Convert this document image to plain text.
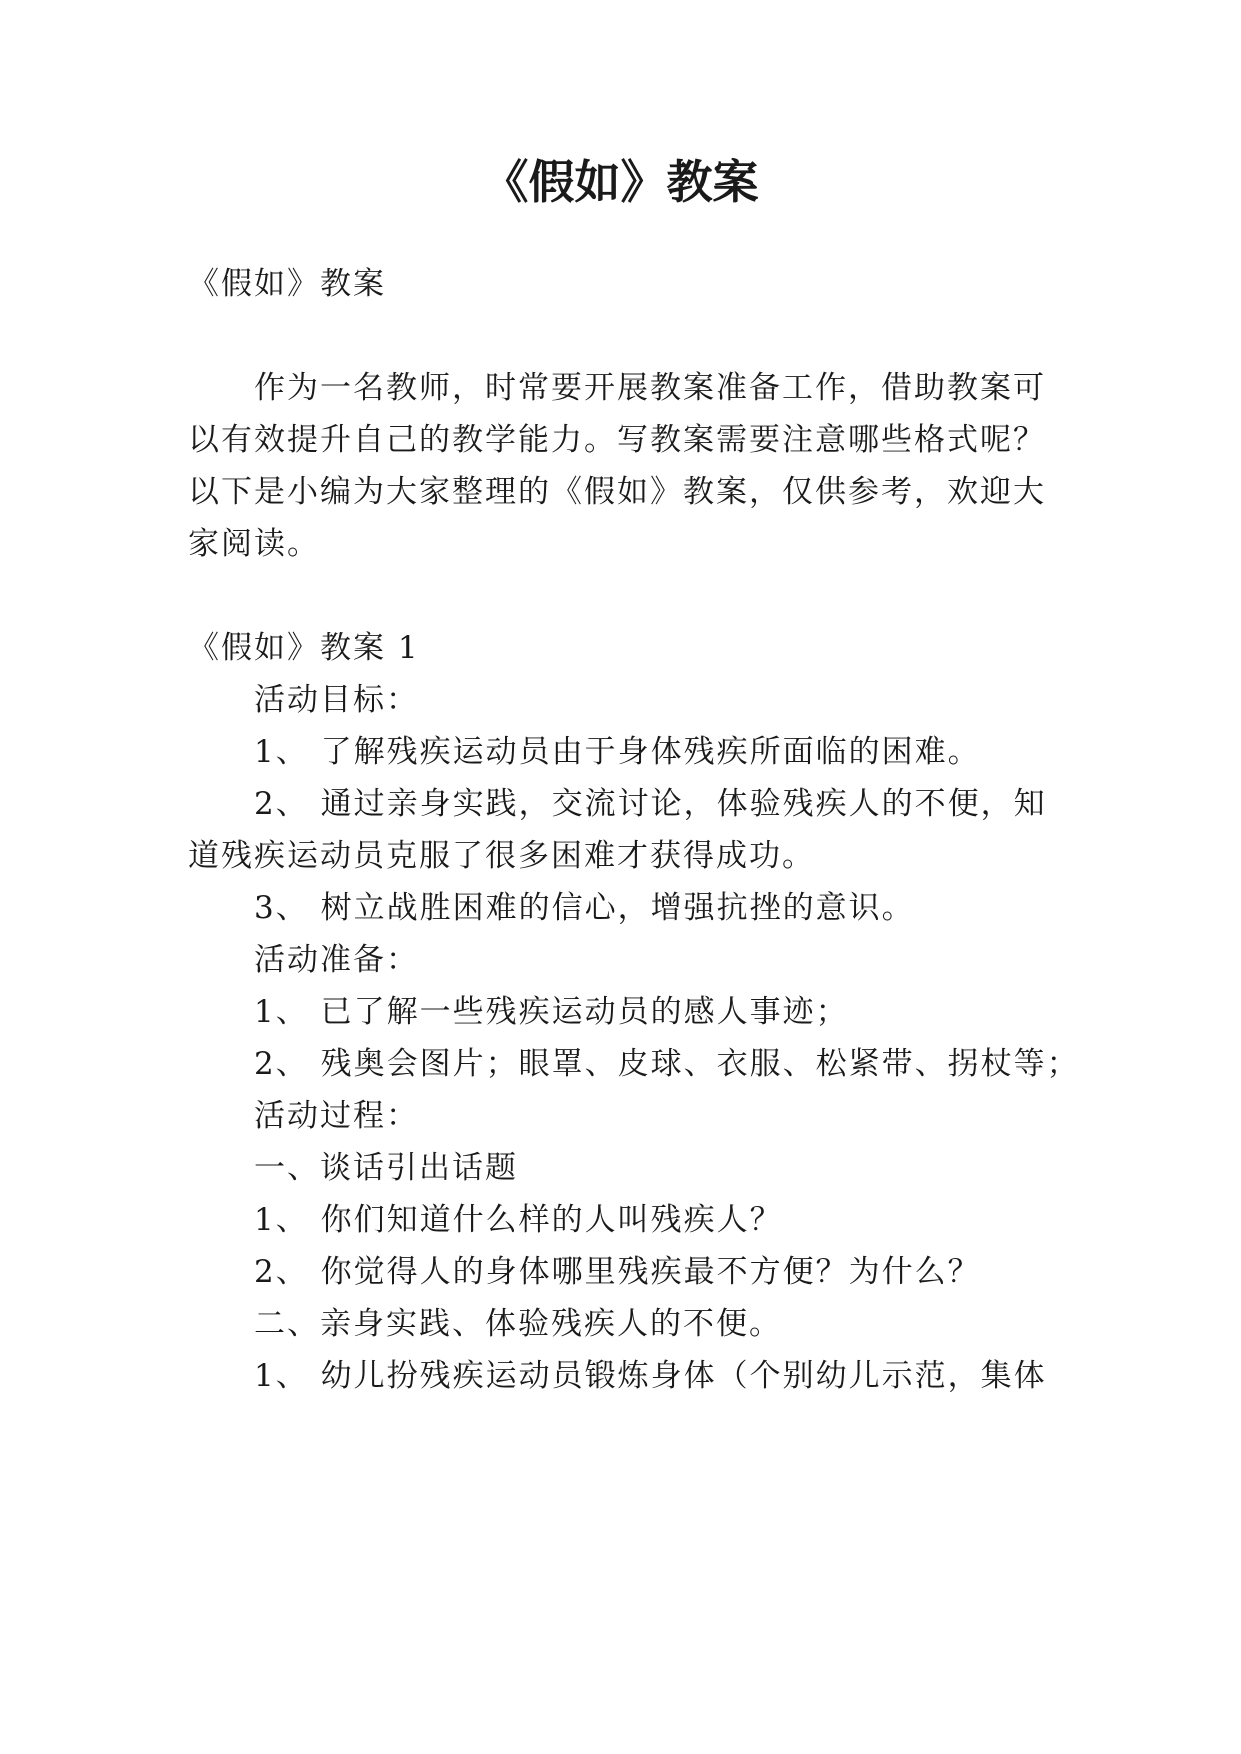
《假如》教案
《假如》教案
作为一名教师，时常要开展教案准备工作，借助教案可
以有效提升自己的教学能力。写教案需要注意哪些格式呢？
以下是小编为大家整理的《假如》教案，仅供参考，欢迎大
家阅读。
《假如》教案 1
活动目标：
1、 了解残疾运动员由于身体残疾所面临的困难。
2、 通过亲身实践，交流讨论，体验残疾人的不便，知
道残疾运动员克服了很多困难才获得成功。
3、 树立战胜困难的信心，增强抗挫的意识。
活动准备：
1、 已了解一些残疾运动员的感人事迹；
2、 残奥会图片；眼罩、皮球、衣服、松紧带、拐杖等；
活动过程：
一、谈话引出话题
1、 你们知道什么样的人叫残疾人？
2、 你觉得人的身体哪里残疾最不方便？为什么？
二、亲身实践、体验残疾人的不便。
1、 幼儿扮残疾运动员锻炼身体（个别幼儿示范，集体
